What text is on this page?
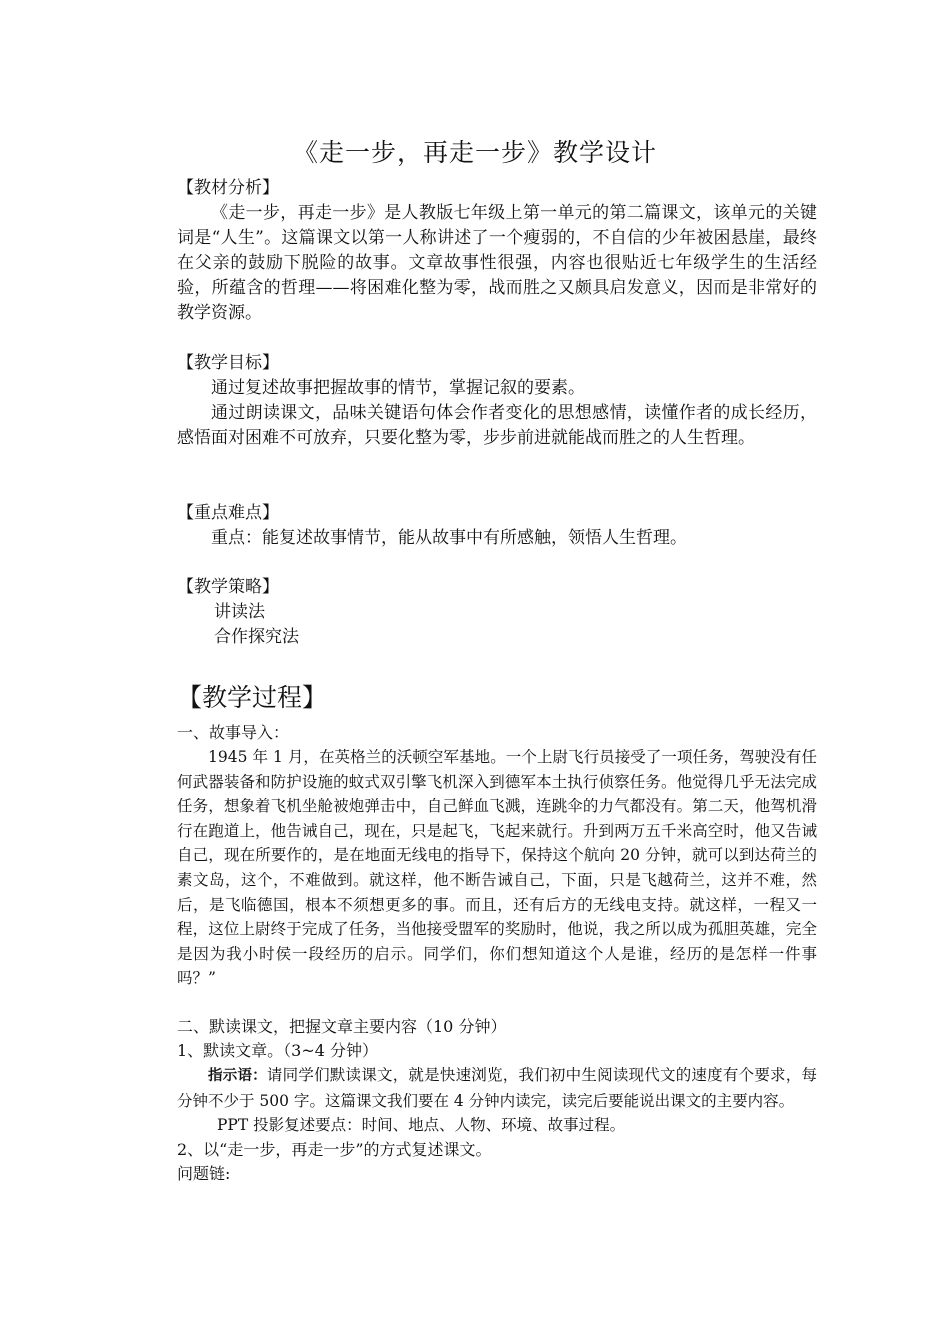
《走一步，再走一步》教学设计
【教材分析】

《走一步，再走一步》是人教版七年级上第一单元的第二篇课文，该单元的关键词是“人生”。这篇课文以第一人称讲述了一个瘦弱的，不自信的少年被困悬崖，最终在父亲的鼓励下脱险的故事。文章故事性很强，内容也很贴近七年级学生的生活经验，所蕴含的哲理——将困难化整为零，战而胜之又颇具启发意义，因而是非常好的教学资源。

【教学目标】

通过复述故事把握故事的情节，掌握记叙的要素。

通过朗读课文，品味关键语句体会作者变化的思想感情，读懂作者的成长经历，感悟面对困难不可放弃，只要化整为零，步步前进就能战而胜之的人生哲理。

【重点难点】

重点：能复述故事情节，能从故事中有所感触，领悟人生哲理。

【教学策略】
讲读法
合作探究法
【教学过程】
一、故事导入：

1945 年 1 月，在英格兰的沃顿空军基地。一个上尉飞行员接受了一项任务，驾驶没有任何武器装备和防护设施的蚊式双引擎飞机深入到德军本土执行侦察任务。他觉得几乎无法完成任务，想象着飞机坐舱被炮弹击中，自己鲜血飞溅，连跳伞的力气都没有。第二天，他驾机滑行在跑道上，他告诫自己，现在，只是起飞，飞起来就行。升到两万五千米高空时，他又告诫自己，现在所要作的，是在地面无线电的指导下，保持这个航向 20 分钟，就可以到达荷兰的素文岛，这个，不难做到。就这样，他不断告诫自己，下面，只是飞越荷兰，这并不难，然后，是飞临德国，根本不须想更多的事。而且，还有后方的无线电支持。就这样，一程又一程，这位上尉终于完成了任务，当他接受盟军的奖励时，他说，我之所以成为孤胆英雄，完全是因为我小时侯一段经历的启示。同学们，你们想知道这个人是谁，经历的是怎样一件事吗？”

二、默读课文，把握文章主要内容（10 分钟）
1、默读文章。（3~4 分钟）

指示语：请同学们默读课文，就是快速浏览，我们初中生阅读现代文的速度有个要求，每分钟不少于 500 字。这篇课文我们要在 4 分钟内读完，读完后要能说出课文的主要内容。

PPT 投影复述要点：时间、地点、人物、环境、故事过程。

2、以“走一步，再走一步”的方式复述课文。
问题链:
